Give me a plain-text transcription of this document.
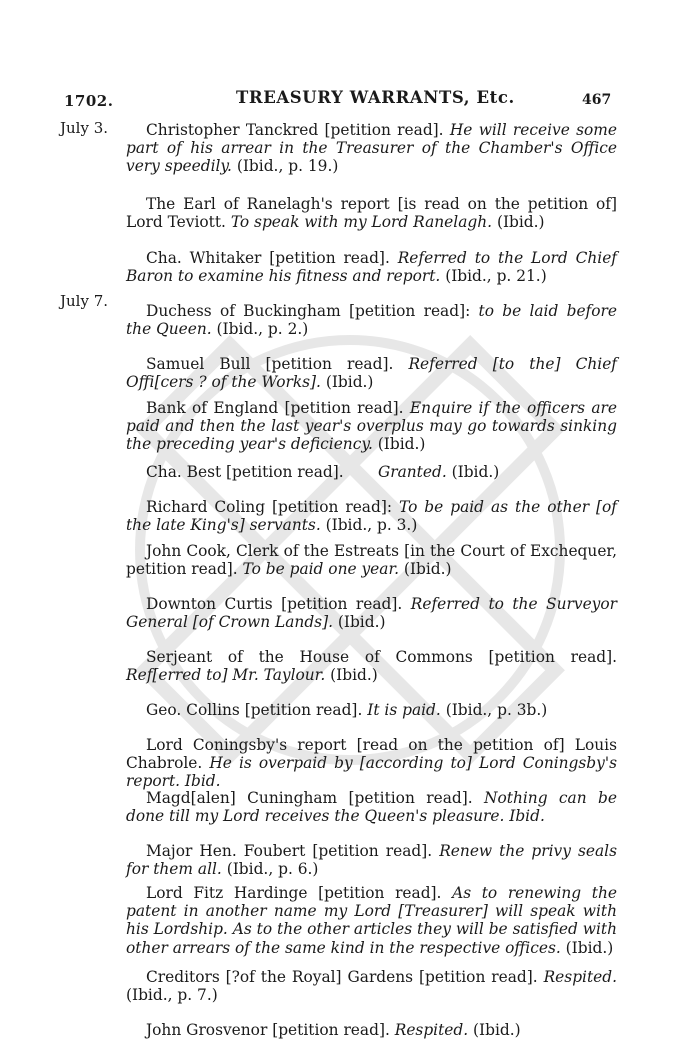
1702.	TREASURY WARRANTS, Etc.	467
July 3.
July 7.

Christopher Tanckred [petition read]. He will receive some part of his arrear in the Treasurer of the Chamber's Office very speedily. (Ibid., p. 19.)

The Earl of Ranelagh's report [is read on the petition of] Lord Teviott. To speak with my Lord Ranelagh. (Ibid.)

Cha. Whitaker [petition read]. Referred to the Lord Chief Baron to examine his fitness and report. (Ibid., p. 21.)

Duchess of Buckingham [petition read]: to be laid before the Queen. (Ibid., p. 2.)

Samuel Bull [petition read]. Referred [to the] Chief Offi[cers ? of the Works]. (Ibid.)

Bank of England [petition read]. Enquire if the officers are paid and then the last year's overplus may go towards sinking the preceding year's deficiency. (Ibid.)

Cha. Best [petition read].       Granted. (Ibid.)

Richard Coling [petition read]: To be paid as the other [of the late King's] servants. (Ibid., p. 3.)

John Cook, Clerk of the Estreats [in the Court of Exchequer, petition read]. To be paid one year. (Ibid.)

Downton Curtis [petition read]. Referred to the Surveyor General [of Crown Lands]. (Ibid.)

Serjeant of the House of Commons [petition read]. Ref[erred to] Mr. Taylour. (Ibid.)

Geo. Collins [petition read]. It is paid. (Ibid., p. 3b.)

Lord Coningsby's report [read on the petition of] Louis Chabrole. He is overpaid by [according to] Lord Coningsby's report. Ibid.

Magd[alen] Cuningham [petition read]. Nothing can be done till my Lord receives the Queen's pleasure. Ibid.

Major Hen. Foubert [petition read]. Renew the privy seals for them all. (Ibid., p. 6.)

Lord Fitz Hardinge [petition read]. As to renewing the patent in another name my Lord [Treasurer] will speak with his Lordship. As to the other articles they will be satisfied with other arrears of the same kind in the respective offices. (Ibid.)

Creditors [?of the Royal] Gardens [petition read]. Respited. (Ibid., p. 7.)

John Grosvenor [petition read]. Respited. (Ibid.)
